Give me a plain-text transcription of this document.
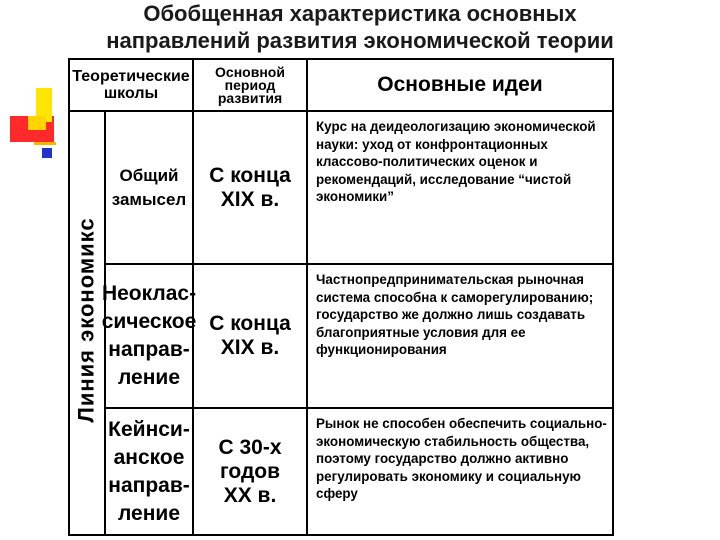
Обобщенная характеристика основных
направлений развития экономической теории
Теоретические
школы
Основной
период
развития
Основные идеи
Линия экономикс
Общий
замысел
С конца
XIX в.
Курс на деидеологизацию экономической науки: уход от конфронтационных классово-политических оценок и рекомендаций, исследование “чистой экономики”
Неоклас-
сическое
направ-
ление
С конца
XIX в.
Частнопредпринимательская рыночная система способна к саморегулированию; государство же должно лишь создавать благоприятные условия для ее функционирования
Кейнси-
анское
направ-
ление
С 30-х
годов
XX в.
Рынок не способен обеспечить социально-экономическую стабильность общества, поэтому государство должно активно регулировать экономику и социальную сферу
